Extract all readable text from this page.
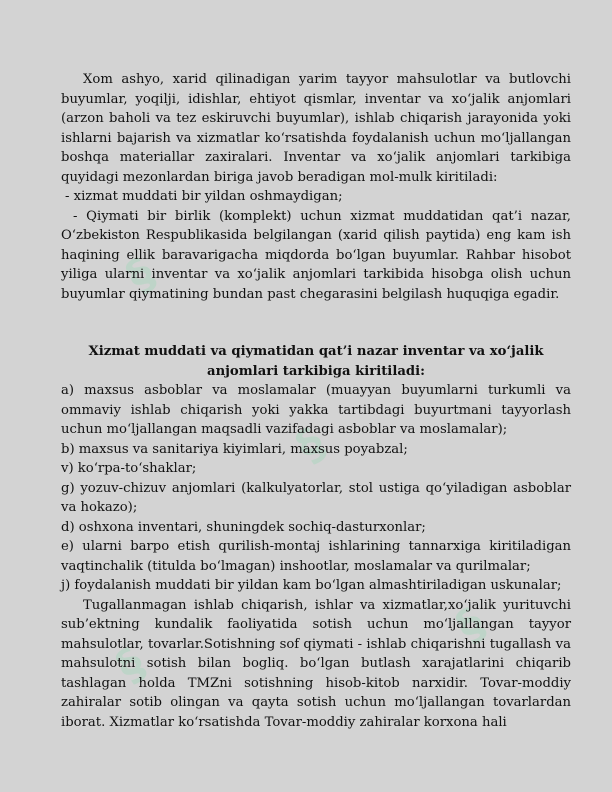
§
§
§
§

Xom ashyo, xarid qilinadigan yarim tayyor mahsulotlar va butlovchi buyumlar, yoqilji, idishlar, ehtiyot qismlar, inventar va xo‘jalik anjomlari (arzon baholi va tez eskiruvchi buyumlar), ishlab chiqarish jarayonida yoki ishlarni bajarish va xizmatlar ko‘rsatishda foydalanish uchun mo‘ljallangan boshqa materiallar zaxiralari. Inventar va xo‘jalik anjomlari tarkibiga quyidagi mezonlardan biriga javob beradigan mol-mulk kiritiladi:

- xizmat muddati bir yildan oshmaydigan;

- Qiymati bir birlik (komplekt) uchun xizmat muddatidan qat’i nazar, O‘zbekiston Respublikasida belgilangan (xarid qilish paytida) eng kam ish haqining ellik baravarigacha miqdorda bo‘lgan buyumlar. Rahbar hisobot yiliga ularni inventar va xo‘jalik anjomlari tarkibida hisobga olish uchun buyumlar qiymatining bundan past chegarasini belgilash huquqiga egadir.

Xizmat muddati va qiymatidan qat’i nazar inventar va xo‘jalik anjomlari tarkibiga kiritiladi:

a) maxsus asboblar va moslamalar (muayyan buyumlarni turkumli va ommaviy ishlab chiqarish yoki yakka tartibdagi buyurtmani tayyorlash uchun mo‘ljallangan maqsadli vazifadagi asboblar va moslamalar);

b) maxsus va sanitariya kiyimlari, maxsus poyabzal;

v) ko‘rpa-to‘shaklar;

g) yozuv-chizuv anjomlari (kalkulyatorlar, stol ustiga qo‘yiladigan asboblar va hokazo);

d) oshxona inventari, shuningdek sochiq-dasturxonlar;

e) ularni barpo etish qurilish-montaj ishlarining tannarxiga kiritiladigan vaqtinchalik (titulda bo‘lmagan) inshootlar, moslamalar va qurilmalar;

j) foydalanish muddati bir yildan kam bo‘lgan almashtiriladigan uskunalar;

Tugallanmagan ishlab chiqarish, ishlar va xizmatlar,xo‘jalik yurituvchi sub’ektning kundalik faoliyatida sotish uchun mo‘ljallangan tayyor mahsulotlar, tovarlar.Sotishning sof qiymati - ishlab chiqarishni tugallash va mahsulotni sotish bilan bogliq. bo‘lgan butlash xarajatlarini chiqarib tashlagan holda TMZni sotishning hisob-kitob narxidir. Tovar-moddiy zahiralar sotib olingan va qayta sotish uchun mo‘ljallangan tovarlardan iborat. Xizmatlar ko‘rsatishda Tovar-moddiy zahiralar korxona hali
